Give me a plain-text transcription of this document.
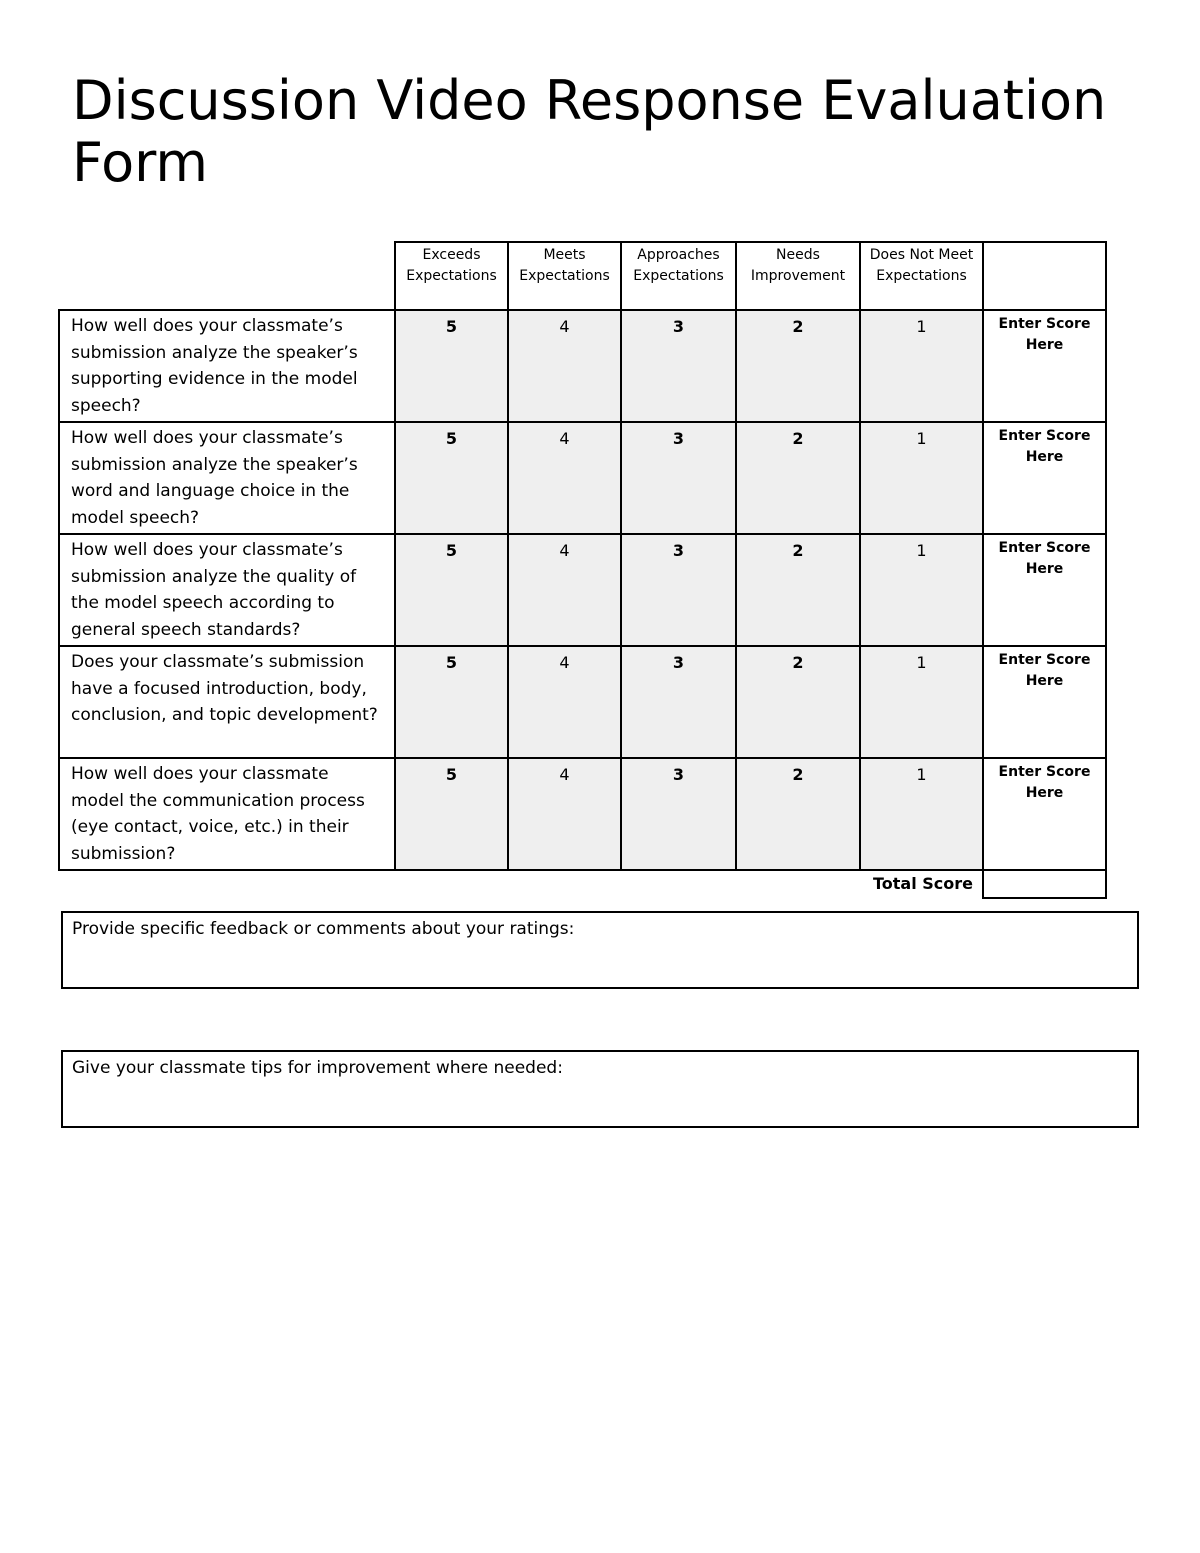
Discussion Video Response Evaluation Form
	Exceeds Expectations	Meets Expectations	Approaches Expectations	Needs Improvement	Does Not Meet Expectations	
How well does your classmate’s submission analyze the speaker’s supporting evidence in the model speech?	5	4	3	2	1	Enter Score Here
How well does your classmate’s submission analyze the speaker’s word and language choice in the model speech?	5	4	3	2	1	Enter Score Here
How well does your classmate’s submission analyze the quality of the model speech according to general speech standards?	5	4	3	2	1	Enter Score Here
Does your classmate’s submission have a focused introduction, body, conclusion, and topic development?	5	4	3	2	1	Enter Score Here
How well does your classmate model the communication process (eye contact, voice, etc.) in their submission?	5	4	3	2	1	Enter Score Here
Total Score						
Provide specific feedback or comments about your ratings:
Give your classmate tips for improvement where needed:
